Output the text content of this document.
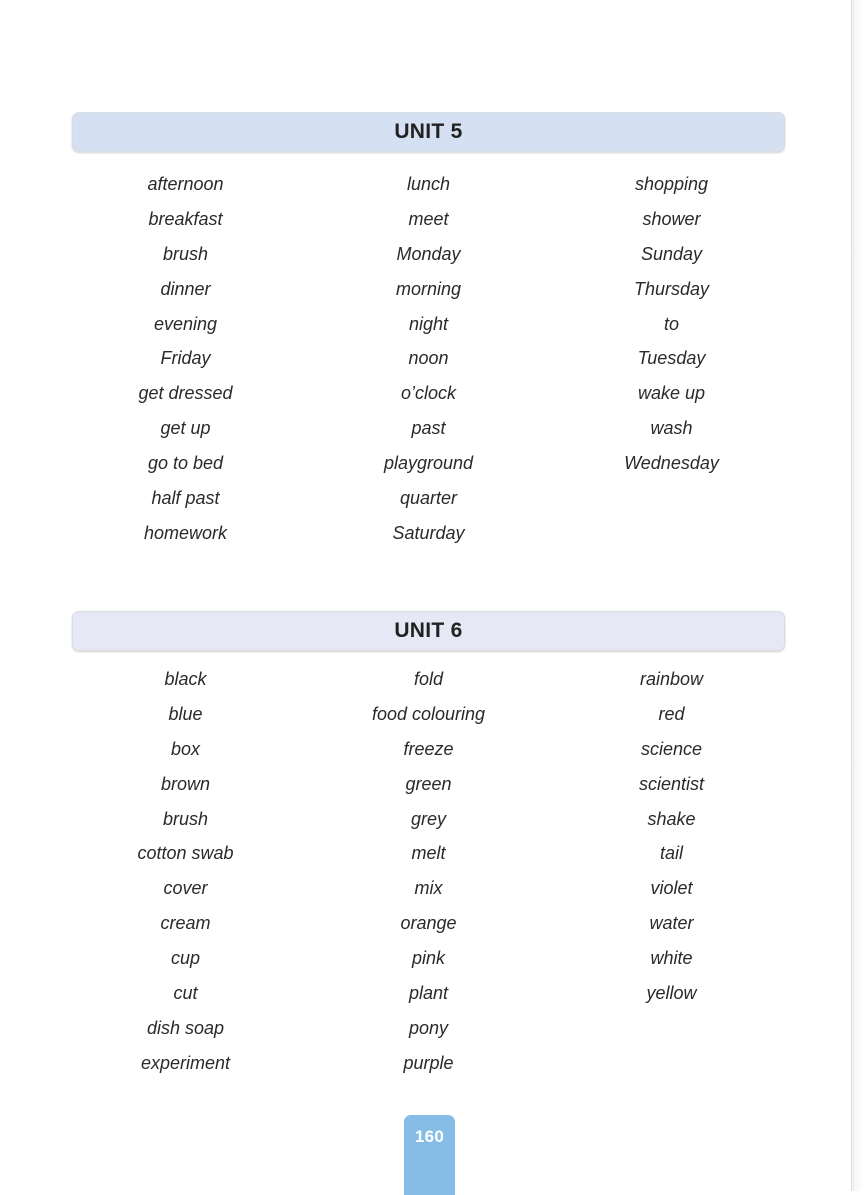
UNIT 5
afternoon
breakfast
brush
dinner
evening
Friday
get dressed
get up
go to bed
half past
homework
lunch
meet
Monday
morning
night
noon
o’clock
past
playground
quarter
Saturday
shopping
shower
Sunday
Thursday
to
Tuesday
wake up
wash
Wednesday
UNIT 6
black
blue
box
brown
brush
cotton swab
cover
cream
cup
cut
dish soap
experiment
fold
food colouring
freeze
green
grey
melt
mix
orange
pink
plant
pony
purple
rainbow
red
science
scientist
shake
tail
violet
water
white
yellow
160
